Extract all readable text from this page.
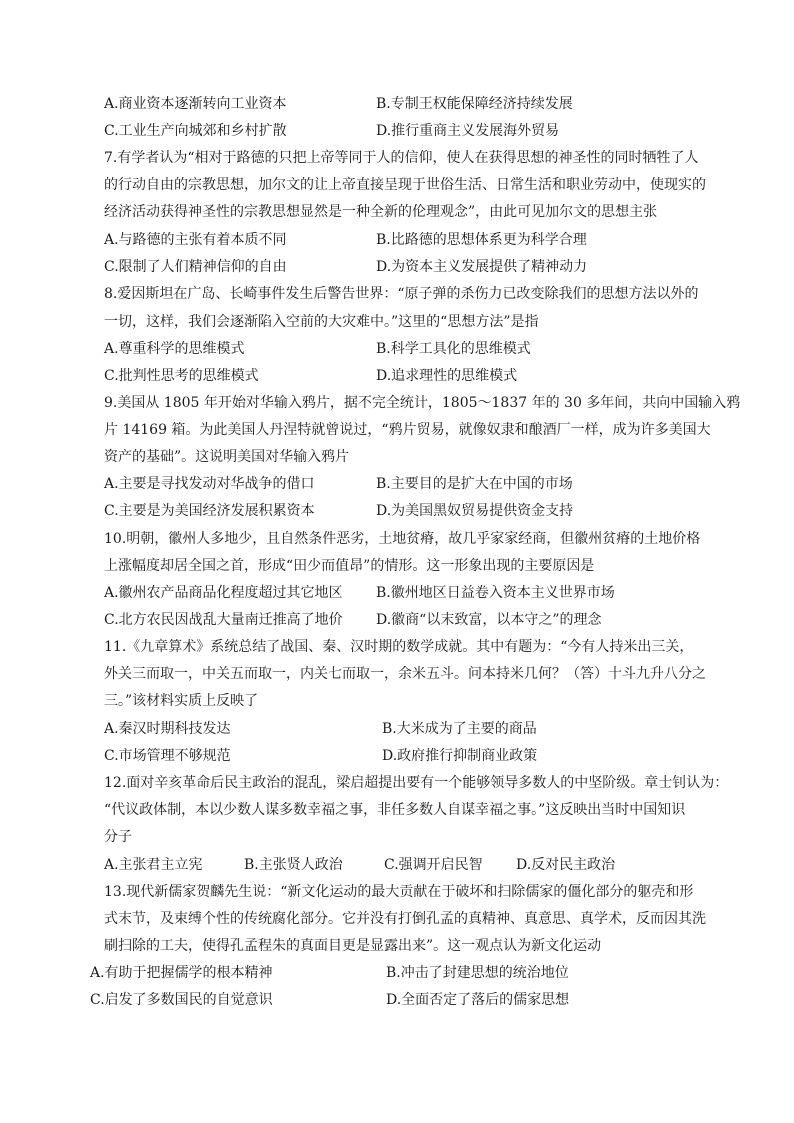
A.商业资本逐渐转向工业资本	B.专制王权能保障经济持续发展
C.工业生产向城郊和乡村扩散	D.推行重商主义发展海外贸易
7.有学者认为“相对于路德的只把上帝等同于人的信仰，使人在获得思想的神圣性的同时牺牲了人
的行动自由的宗教思想，加尔文的让上帝直接呈现于世俗生活、日常生活和职业劳动中，使现实的
经济活动获得神圣性的宗教思想显然是一种全新的伦理观念”，由此可见加尔文的思想主张
A.与路德的主张有着本质不同	B.比路德的思想体系更为科学合理
C.限制了人们精神信仰的自由	D.为资本主义发展提供了精神动力
8.爱因斯坦在广岛、长崎事件发生后警告世界：“原子弹的杀伤力已改变除我们的思想方法以外的
一切，这样，我们会逐渐陷入空前的大灾难中。”这里的“思想方法”是指
A.尊重科学的思维模式	B.科学工具化的思维模式
C.批判性思考的思维模式	D.追求理性的思维模式
9.美国从 1805 年开始对华输入鸦片，据不完全统计，1805～1837 年的 30 多年间，共向中国输入鸦
片 14169 箱。为此美国人丹涅特就曾说过，“鸦片贸易，就像奴隶和酿酒厂一样，成为许多美国大
资产的基础”。这说明美国对华输入鸦片
A.主要是寻找发动对华战争的借口	B.主要目的是扩大在中国的市场
C.主要是为美国经济发展积累资本	D.为美国黑奴贸易提供资金支持
10.明朝，徽州人多地少，且自然条件恶劣，土地贫瘠，故几乎家家经商，但徽州贫瘠的土地价格
上涨幅度却居全国之首，形成“田少而值昂”的情形。这一形象出现的主要原因是
A.徽州农产品商品化程度超过其它地区 B.徽州地区日益卷入资本主义世界市场
C.北方农民因战乱大量南迁推高了地价 D.徽商“以末致富，以本守之”的理念
11.《九章算术》系统总结了战国、秦、汉时期的数学成就。其中有题为：“今有人持米出三关，
外关三而取一，中关五而取一，内关七而取一，余米五斗。问本持米几何？（答）十斗九升八分之
三。”该材料实质上反映了
A.秦汉时期科技发达	B.大米成为了主要的商品
C.市场管理不够规范	D.政府推行抑制商业政策
12.面对辛亥革命后民主政治的混乱，梁启超提出要有一个能够领导多数人的中坚阶级。章士钊认为：
“代议政体制，本以少数人谋多数幸福之事，非任多数人自谋幸福之事。”这反映出当时中国知识
分子
A.主张君主立宪	B.主张贤人政治	C.强调开启民智 D.反对民主政治
13.现代新儒家贺麟先生说：“新文化运动的最大贡献在于破坏和扫除儒家的僵化部分的躯壳和形
式末节，及束缚个性的传统腐化部分。它并没有打倒孔孟的真精神、真意思、真学术，反而因其洗
刷扫除的工夫，使得孔孟程朱的真面目更是显露出来”。这一观点认为新文化运动
A.有助于把握儒学的根本精神	B.冲击了封建思想的统治地位
C.启发了多数国民的自觉意识	D.全面否定了落后的儒家思想
